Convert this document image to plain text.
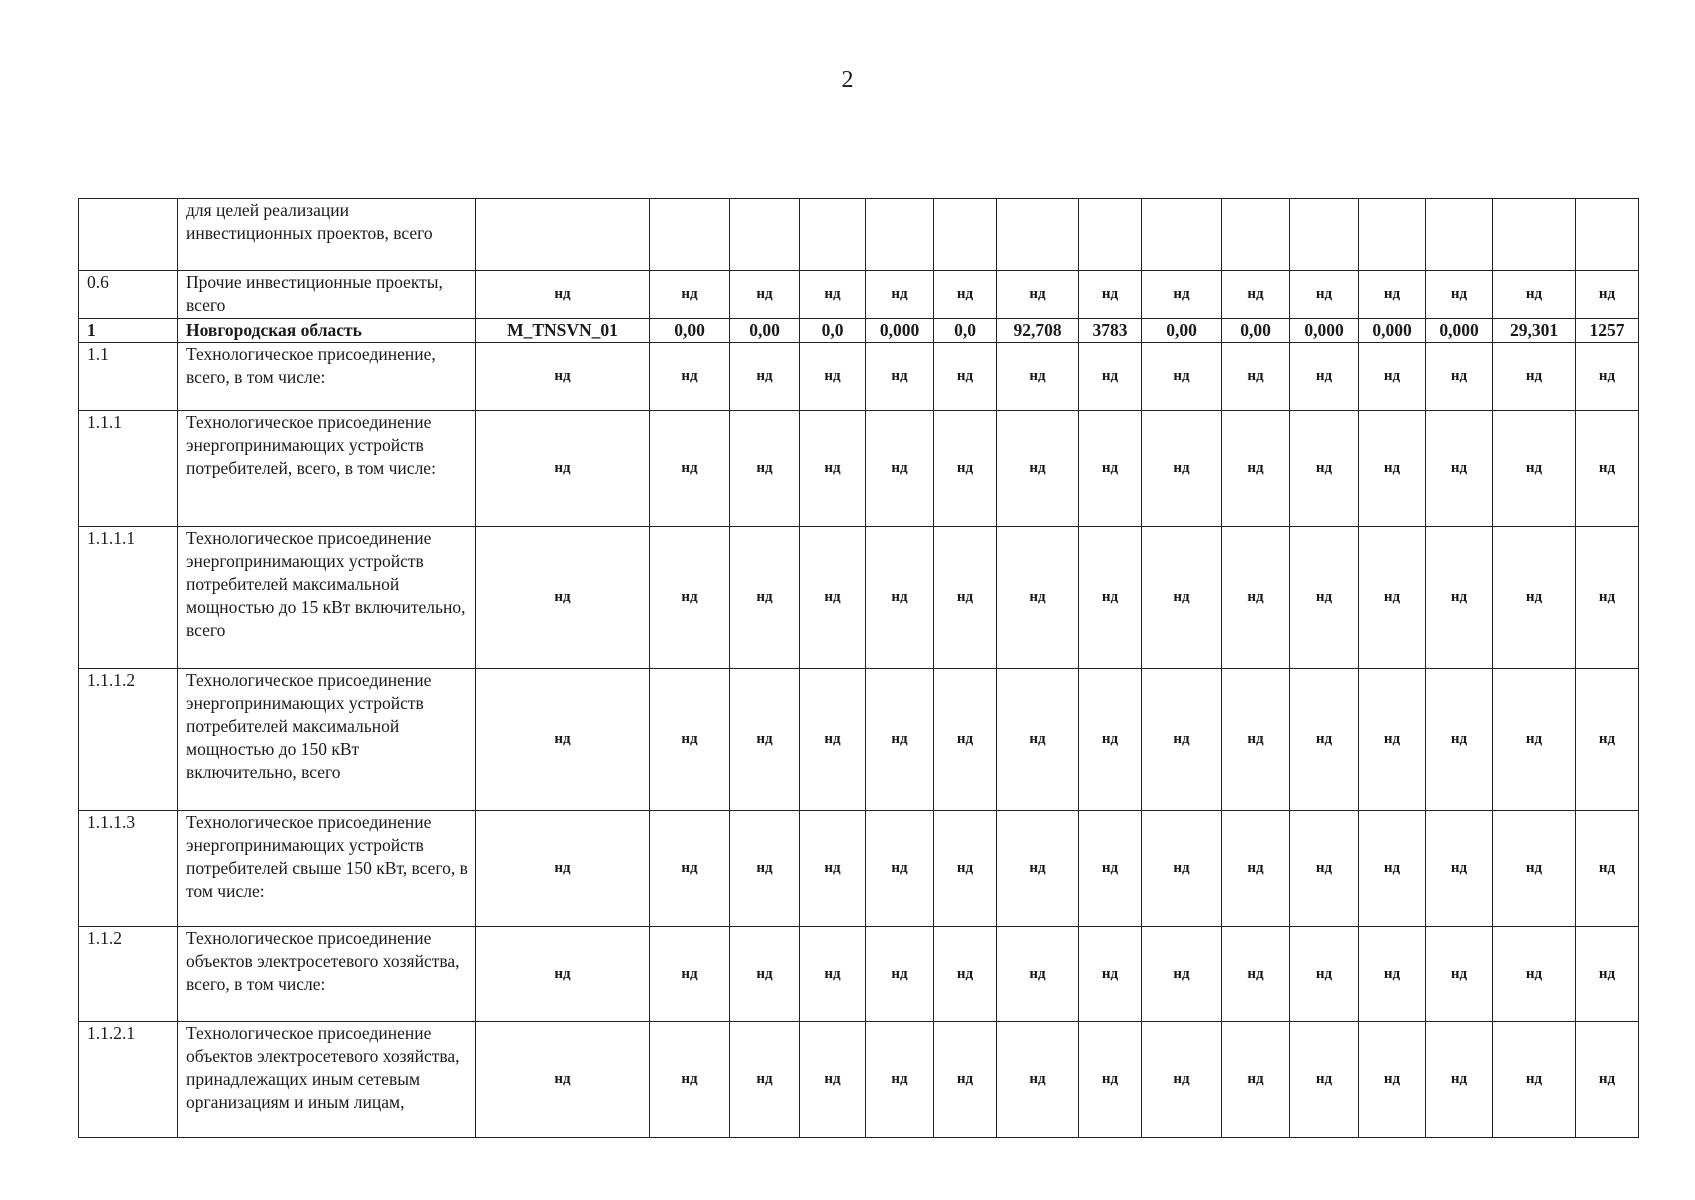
2
	для целей реализации инвестиционных проектов, всего															
0.6	Прочие инвестиционные проекты, всего	нд	нд	нд	нд	нд	нд	нд	нд	нд	нд	нд	нд	нд	нд	нд
1	Новгородская область	M_TNSVN_01	0,00	0,00	0,0	0,000	0,0	92,708	3783	0,00	0,00	0,000	0,000	0,000	29,301	1257
1.1	Технологическое присоединение, всего, в том числе:	нд	нд	нд	нд	нд	нд	нд	нд	нд	нд	нд	нд	нд	нд	нд
1.1.1	Технологическое присоединение энергопринимающих устройств потребителей, всего, в том числе:	нд	нд	нд	нд	нд	нд	нд	нд	нд	нд	нд	нд	нд	нд	нд
1.1.1.1	Технологическое присоединение энергопринимающих устройств потребителей максимальной мощностью до 15 кВт включительно, всего	нд	нд	нд	нд	нд	нд	нд	нд	нд	нд	нд	нд	нд	нд	нд
1.1.1.2	Технологическое присоединение энергопринимающих устройств потребителей максимальной мощностью до 150 кВт включительно, всего	нд	нд	нд	нд	нд	нд	нд	нд	нд	нд	нд	нд	нд	нд	нд
1.1.1.3	Технологическое присоединение энергопринимающих устройств потребителей свыше 150 кВт, всего, в том числе:	нд	нд	нд	нд	нд	нд	нд	нд	нд	нд	нд	нд	нд	нд	нд
1.1.2	Технологическое присоединение объектов электросетевого хозяйства, всего, в том числе:	нд	нд	нд	нд	нд	нд	нд	нд	нд	нд	нд	нд	нд	нд	нд
1.1.2.1	Технологическое присоединение объектов электросетевого хозяйства, принадлежащих иным сетевым организациям и иным лицам,	нд	нд	нд	нд	нд	нд	нд	нд	нд	нд	нд	нд	нд	нд	нд
